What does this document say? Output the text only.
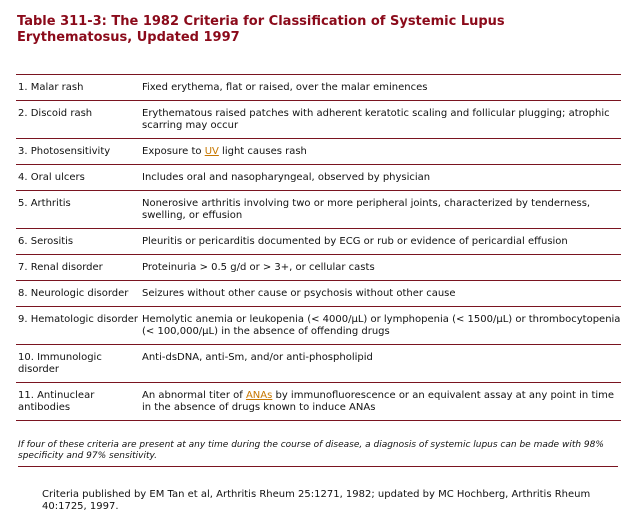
Table 311-3: The 1982 Criteria for Classification of Systemic Lupus Erythematosus, Updated 1997
1. Malar rash	Fixed erythema, flat or raised, over the malar eminences
2. Discoid rash	Erythematous raised patches with adherent keratotic scaling and follicular plugging; atrophic scarring may occur
3. Photosensitivity	Exposure to UV light causes rash
4. Oral ulcers	Includes oral and nasopharyngeal, observed by physician
5. Arthritis	Nonerosive arthritis involving two or more peripheral joints, characterized by tenderness, swelling, or effusion
6. Serositis	Pleuritis or pericarditis documented by ECG or rub or evidence of pericardial effusion
7. Renal disorder	Proteinuria > 0.5 g/d or > 3+, or cellular casts
8. Neurologic disorder	Seizures without other cause or psychosis without other cause
9. Hematologic disorder	Hemolytic anemia or leukopenia (< 4000/μL) or lymphopenia (< 1500/μL) or thrombocytopenia (< 100,000/μL) in the absence of offending drugs
10. Immunologic disorder	Anti-dsDNA, anti-Sm, and/or anti-phospholipid
11. Antinuclear antibodies	An abnormal titer of ANAs by immunofluorescence or an equivalent assay at any point in time in the absence of drugs known to induce ANAs
If four of these criteria are present at any time during the course of disease, a diagnosis of systemic lupus can be made with 98% specificity and 97% sensitivity.
Criteria published by EM Tan et al, Arthritis Rheum 25:1271, 1982; updated by MC Hochberg, Arthritis Rheum 40:1725, 1997.
